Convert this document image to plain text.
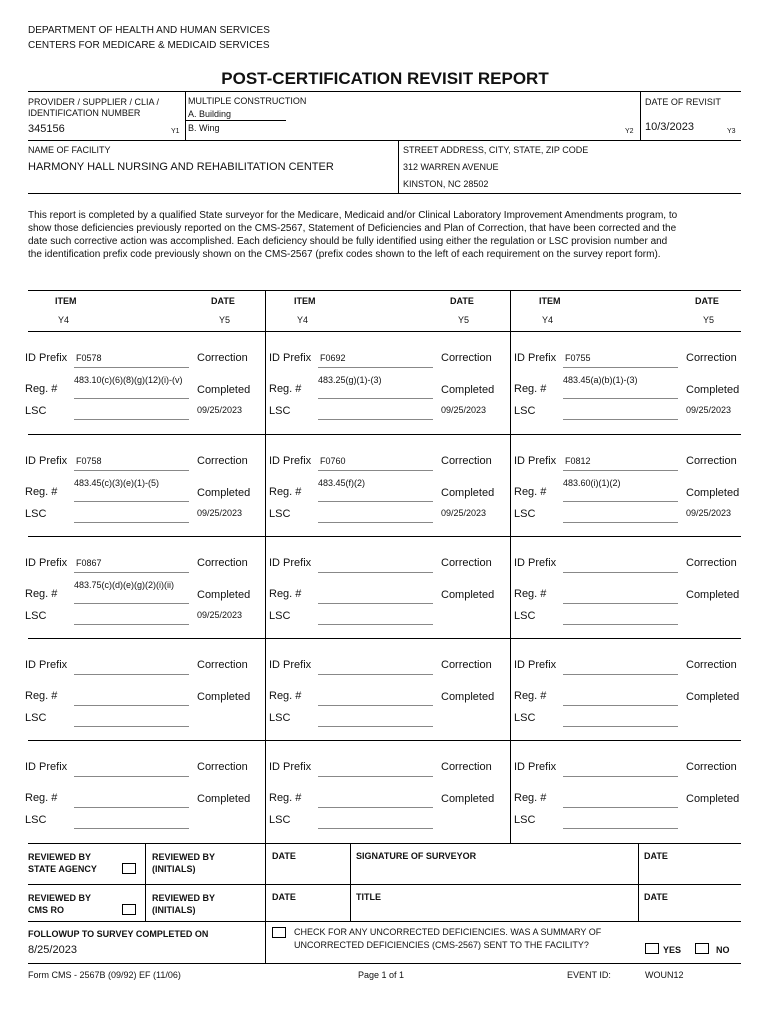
DEPARTMENT OF HEALTH AND HUMAN SERVICES
CENTERS FOR MEDICARE & MEDICAID SERVICES
POST-CERTIFICATION REVISIT REPORT
PROVIDER / SUPPLIER / CLIA /
IDENTIFICATION NUMBER
345156	Y1
MULTIPLE CONSTRUCTION
A. Building
B. Wing	Y2
DATE OF REVISIT
10/3/2023	Y3
NAME OF FACILITY
HARMONY HALL NURSING AND REHABILITATION CENTER
STREET ADDRESS, CITY, STATE, ZIP CODE
312 WARREN AVENUE
KINSTON, NC 28502
This report is completed by a qualified State surveyor for the Medicare, Medicaid and/or Clinical Laboratory Improvement Amendments program, to show those deficiencies previously reported on the CMS-2567, Statement of Deficiencies and Plan of Correction, that have been corrected and the date such corrective action was accomplished. Each deficiency should be fully identified using either the regulation or LSC provision number and the identification prefix code previously shown on the CMS-2567 (prefix codes shown to the left of each requirement on the survey report form).
ITEM
Y4
DATE
Y5
ITEM
Y4
DATE
Y5
ITEM
Y4
DATE
Y5
ID Prefix F0578	Correction
Reg. #
483.10(c)(6)(8)(g)(12)(i)-(v)
Completed
LSC	09/25/2023
ID Prefix F0692	Correction
Reg. #
483.25(g)(1)-(3)
Completed
LSC	09/25/2023
ID Prefix F0755	Correction
Reg. #
483.45(a)(b)(1)-(3)
Completed
LSC	09/25/2023
ID Prefix F0758	Correction
Reg. #
483.45(c)(3)(e)(1)-(5)
Completed
LSC	09/25/2023
ID Prefix F0760	Correction
Reg. #
483.45(f)(2)
Completed
LSC	09/25/2023
ID Prefix F0812	Correction
Reg. #
483.60(i)(1)(2)
Completed
LSC	09/25/2023
ID Prefix F0867	Correction
Reg. #
483.75(c)(d)(e)(g)(2)(i)(ii)
Completed
LSC	09/25/2023
ID Prefix	Correction
Reg. #	Completed
LSC
ID Prefix	Correction
Reg. #	Completed
LSC
ID Prefix	Correction
Reg. #	Completed
LSC
ID Prefix	Correction
Reg. #	Completed
LSC
ID Prefix	Correction
Reg. #	Completed
LSC
ID Prefix	Correction
Reg. #	Completed
LSC
ID Prefix	Correction
Reg. #	Completed
LSC
ID Prefix	Correction
Reg. #	Completed
LSC
REVIEWED BY
STATE AGENCY
REVIEWED BY
(INITIALS)
DATE	SIGNATURE OF SURVEYOR	DATE
REVIEWED BY
CMS RO
REVIEWED BY
(INITIALS)
DATE	TITLE	DATE
FOLLOWUP TO SURVEY COMPLETED ON
8/25/2023
CHECK FOR ANY UNCORRECTED DEFICIENCIES. WAS A SUMMARY OF
UNCORRECTED DEFICIENCIES (CMS-2567) SENT TO THE FACILITY?	YES	NO
Form CMS - 2567B (09/92) EF (11/06)	Page 1 of 1	EVENT ID:	WOUN12
